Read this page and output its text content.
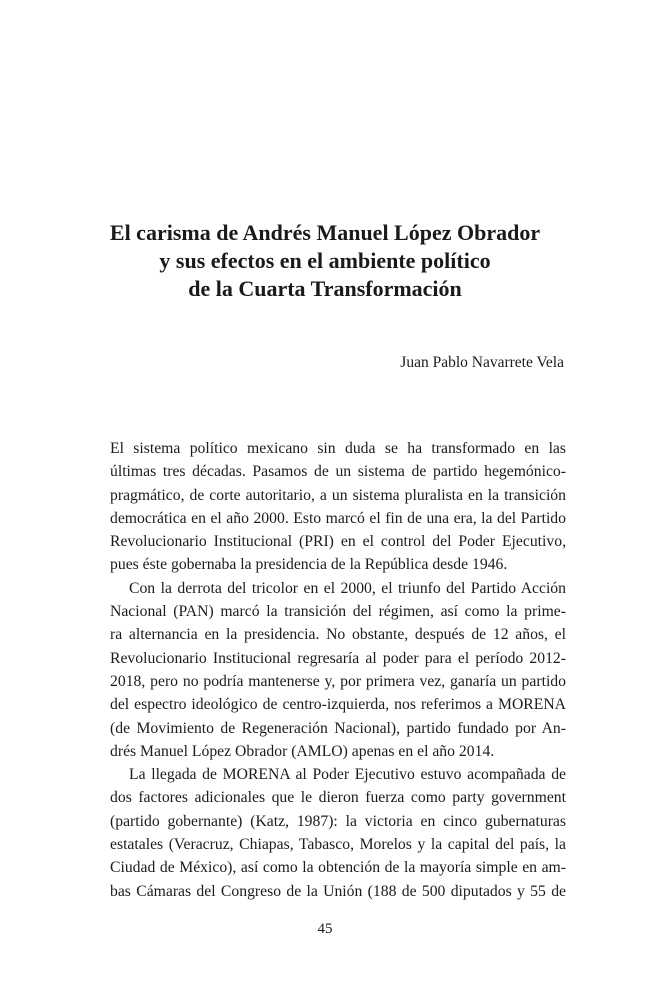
El carisma de Andrés Manuel López Obrador
y sus efectos en el ambiente político
de la Cuarta Transformación
Juan Pablo Navarrete Vela
El sistema político mexicano sin duda se ha transformado en las
últimas tres décadas. Pasamos de un sistema de partido hegemónico-
pragmático, de corte autoritario, a un sistema pluralista en la transición
democrática en el año 2000. Esto marcó el fin de una era, la del Partido
Revolucionario Institucional (PRI) en el control del Poder Ejecutivo,
pues éste gobernaba la presidencia de la República desde 1946.
Con la derrota del tricolor en el 2000, el triunfo del Partido Acción
Nacional (PAN) marcó la transición del régimen, así como la prime-
ra alternancia en la presidencia. No obstante, después de 12 años, el
Revolucionario Institucional regresaría al poder para el período 2012-
2018, pero no podría mantenerse y, por primera vez, ganaría un partido
del espectro ideológico de centro-izquierda, nos referimos a MORENA
(de Movimiento de Regeneración Nacional), partido fundado por An-
drés Manuel López Obrador (AMLO) apenas en el año 2014.
La llegada de MORENA al Poder Ejecutivo estuvo acompañada de
dos factores adicionales que le dieron fuerza como party government
(partido gobernante) (Katz, 1987): la victoria en cinco gubernaturas
estatales (Veracruz, Chiapas, Tabasco, Morelos y la capital del país, la
Ciudad de México), así como la obtención de la mayoría simple en am-
bas Cámaras del Congreso de la Unión (188 de 500 diputados y 55 de
45
